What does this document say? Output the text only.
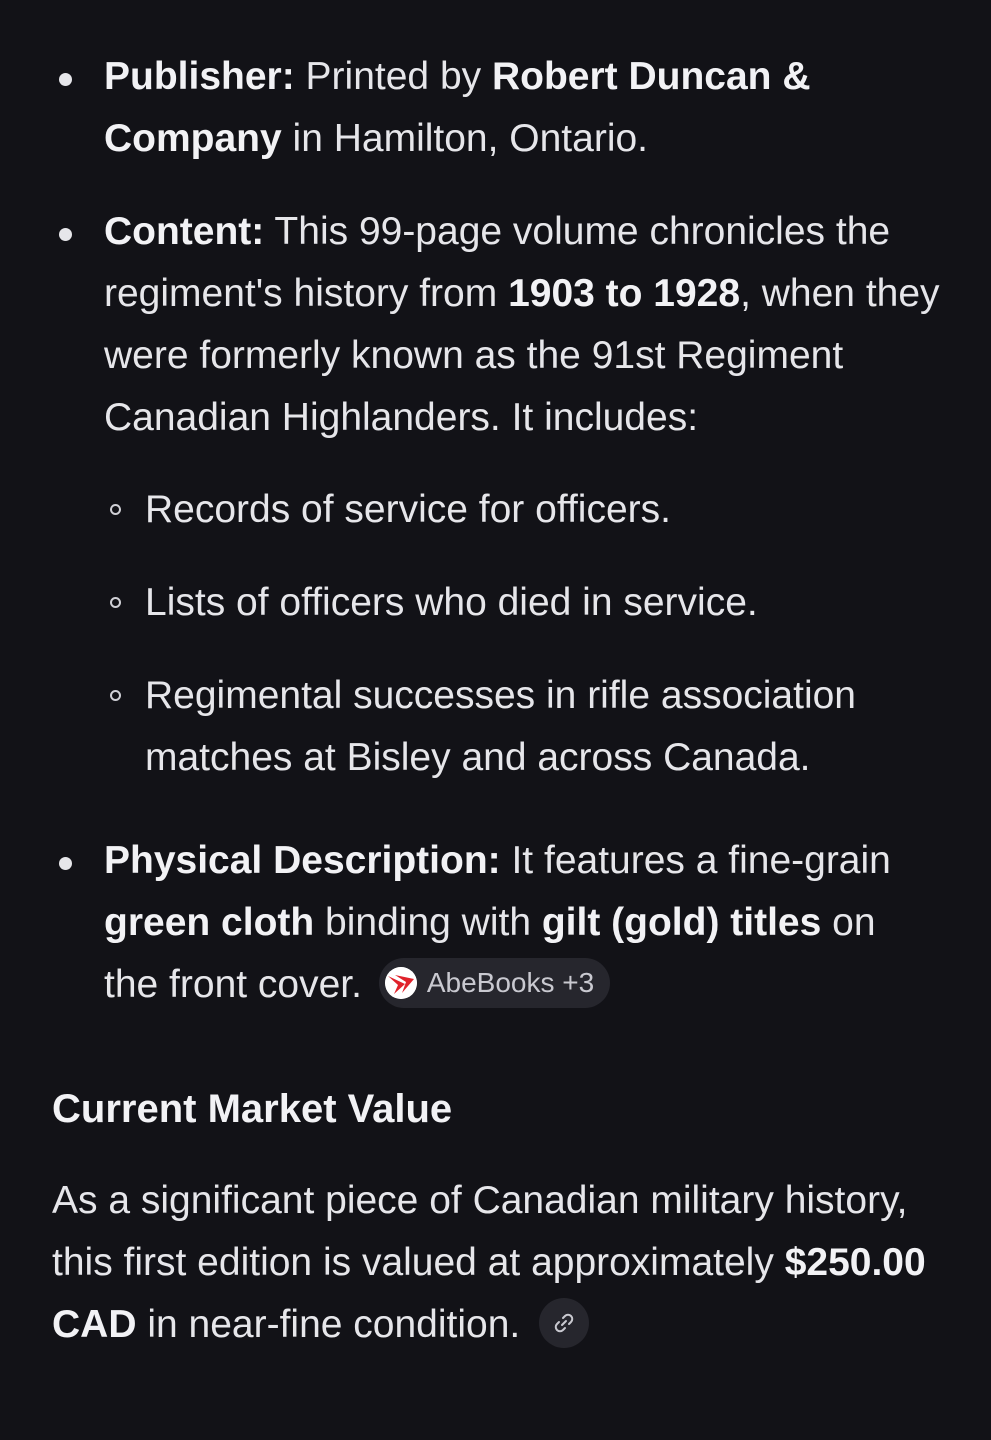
Publisher: Printed by Robert Duncan & Company in Hamilton, Ontario.
Content: This 99-page volume chronicles the regiment's history from 1903 to 1928, when they were formerly known as the 91st Regiment Canadian Highlanders. It includes:
Records of service for officers.
Lists of officers who died in service.
Regimental successes in rifle association matches at Bisley and across Canada.
Physical Description: It features a fine-grain green cloth binding with gilt (gold) titles on the front cover. AbeBooks +3
Current Market Value

As a significant piece of Canadian military history, this first edition is valued at approximately $250.00 CAD in near-fine condition.
